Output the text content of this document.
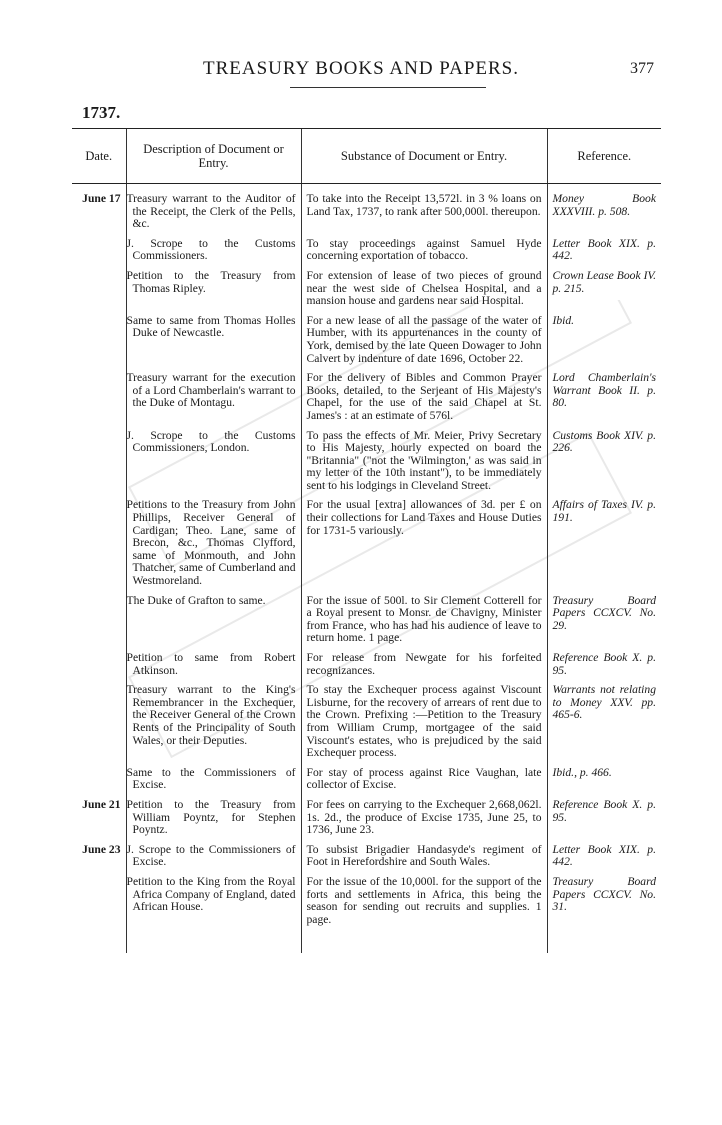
TREASURY BOOKS AND PAPERS.	377
1737.
Date.	Description of Document or Entry.	Substance of Document or Entry.	Reference.

June 17	Treasury warrant to the Auditor of the Receipt, the Clerk of the Pells, &c.	To take into the Receipt 13,572l. in 3 % loans on Land Tax, 1737, to rank after 500,000l. thereupon.	Money Book XXXVIII. p. 508.
	J. Scrope to the Customs Commissioners.	To stay proceedings against Samuel Hyde concerning exportation of tobacco.	Letter Book XIX. p. 442.
	Petition to the Treasury from Thomas Ripley.	For extension of lease of two pieces of ground near the west side of Chelsea Hospital, and a mansion house and gardens near said Hospital.	Crown Lease Book IV. p. 215.
	Same to same from Thomas Holles Duke of Newcastle.	For a new lease of all the passage of the water of Humber, with its appurtenances in the county of York, demised by the late Queen Dowager to John Calvert by indenture of date 1696, October 22.	Ibid.
	Treasury warrant for the execution of a Lord Chamberlain's warrant to the Duke of Montagu.	For the delivery of Bibles and Common Prayer Books, detailed, to the Serjeant of His Majesty's Chapel, for the use of the said Chapel at St. James's : at an estimate of 576l.	Lord Chamberlain's Warrant Book II. p. 80.
	J. Scrope to the Customs Commissioners, London.	To pass the effects of Mr. Meier, Privy Secretary to His Majesty, hourly expected on board the "Britannia" ("not the 'Wilmington,' as was said in my letter of the 10th instant"), to be immediately sent to his lodgings in Cleveland Street.	Customs Book XIV. p. 226.
	Petitions to the Treasury from John Phillips, Receiver General of Cardigan; Theo. Lane, same of Brecon, &c., Thomas Clyfford, same of Monmouth, and John Thatcher, same of Cumberland and Westmoreland.	For the usual [extra] allowances of 3d. per £ on their collections for Land Taxes and House Duties for 1731-5 variously.	Affairs of Taxes IV. p. 191.
	The Duke of Grafton to same.	For the issue of 500l. to Sir Clement Cotterell for a Royal present to Monsr. de Chavigny, Minister from France, who has had his audience of leave to return home. 1 page.	Treasury Board Papers CCXCV. No. 29.
	Petition to same from Robert Atkinson.	For release from Newgate for his forfeited recognizances.	Reference Book X. p. 95.
	Treasury warrant to the King's Remembrancer in the Exchequer, the Receiver General of the Crown Rents of the Principality of South Wales, or their Deputies.	To stay the Exchequer process against Viscount Lisburne, for the recovery of arrears of rent due to the Crown. Prefixing :—Petition to the Treasury from William Crump, mortgagee of the said Viscount's estates, who is prejudiced by the said Exchequer process.	Warrants not relating to Money XXV. pp. 465-6.
	Same to the Commissioners of Excise.	For stay of process against Rice Vaughan, late collector of Excise.	Ibid., p. 466.
June 21	Petition to the Treasury from William Poyntz, for Stephen Poyntz.	For fees on carrying to the Exchequer 2,668,062l. 1s. 2d., the produce of Excise 1735, June 25, to 1736, June 23.	Reference Book X. p. 95.
June 23	J. Scrope to the Commissioners of Excise.	To subsist Brigadier Handasyde's regiment of Foot in Herefordshire and South Wales.	Letter Book XIX. p. 442.
	Petition to the King from the Royal Africa Company of England, dated African House.	For the issue of the 10,000l. for the support of the forts and settlements in Africa, this being the season for sending out recruits and supplies. 1 page.	Treasury Board Papers CCXCV. No. 31.
